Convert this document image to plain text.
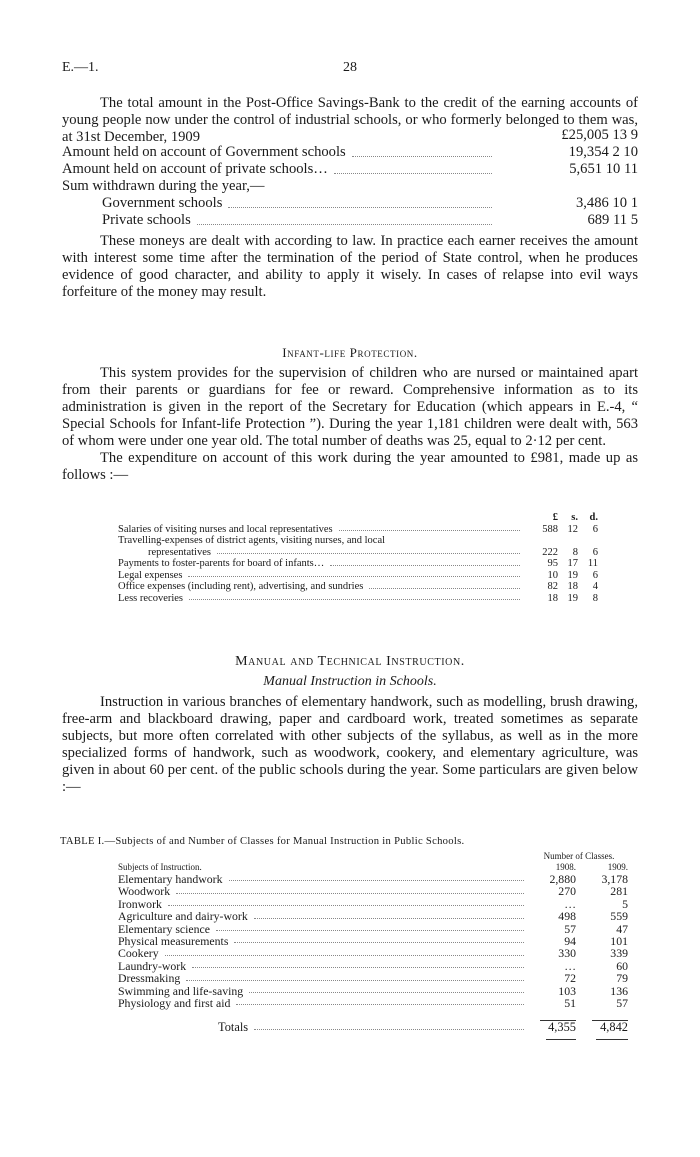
E.—1.	28

The total amount in the Post-Office Savings-Bank to the credit of the earning accounts of young people now under the control of industrial schools, or who formerly belonged to them was, at 31st December, 1909	£25,005 13 9
Amount held on account of Government schools	19,354 2 10
Amount held on account of private schools…	5,651 10 11
Sum withdrawn during the year,—
Government schools	3,486 10 1
Private schools	689 11 5

These moneys are dealt with according to law. In practice each earner receives the amount with interest some time after the termination of the period of State control, when he produces evidence of good character, and ability to apply it wisely. In cases of relapse into evil ways forfeiture of the money may result.

Infant-life Protection.

This system provides for the supervision of children who are nursed or maintained apart from their parents or guardians for fee or reward. Comprehensive information as to its administration is given in the report of the Secretary for Education (which appears in E.-4, “ Special Schools for Infant-life Protection ”). During the year 1,181 children were dealt with, 563 of whom were under one year old. The total number of deaths was 25, equal to 2·12 per cent.

The expenditure on account of this work during the year amounted to £981, made up as follows :—

£	s.	d.
Salaries of visiting nurses and local representatives	588 12	6
Travelling-expenses of district agents, visiting nurses, and local
representatives	222	8	6
Payments to foster-parents for board of infants…	95 17 11
Legal expenses	10 19	6
Office expenses (including rent), advertising, and sundries	82 18	4
Less recoveries	18 19	8
Manual and Technical Instruction.
Manual Instruction in Schools.

Instruction in various branches of elementary handwork, such as modelling, brush drawing, free-arm and blackboard drawing, paper and cardboard work, treated sometimes as separate subjects, but more often correlated with other subjects of the syllabus, as well as in the more specialized forms of handwork, such as woodwork, cookery, and elementary agriculture, was given in about 60 per cent. of the public schools during the year. Some particulars are given below :—

TABLE I.—Subjects of and Number of Classes for Manual Instruction in Public Schools.
Number of Classes.
Subjects of Instruction.	1908.	1909.
Elementary handwork	2,880	3,178
Woodwork	270	281
Ironwork	…	5
Agriculture and dairy-work	498	559
Elementary science	57	47
Physical measurements	94	101
Cookery	330	339
Laundry-work	…	60
Dressmaking	72	79
Swimming and life-saving	103	136
Physiology and first aid	51	57
Totals	4,355	4,842
